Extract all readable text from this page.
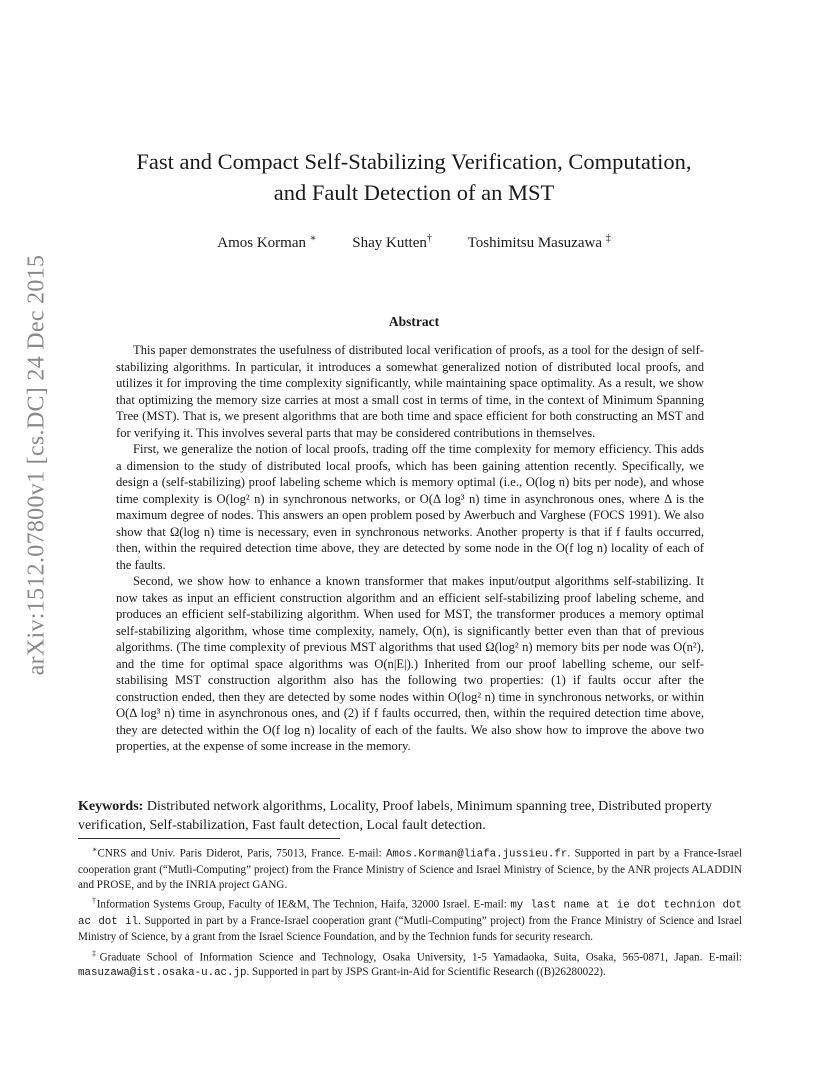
arXiv:1512.07800v1 [cs.DC] 24 Dec 2015
Fast and Compact Self-Stabilizing Verification, Computation,
and Fault Detection of an MST
Amos Korman ∗ Shay Kutten† Toshimitsu Masuzawa ‡
Abstract

This paper demonstrates the usefulness of distributed local verification of proofs, as a tool for the design of self-stabilizing algorithms. In particular, it introduces a somewhat generalized notion of distributed local proofs, and utilizes it for improving the time complexity significantly, while maintaining space optimality. As a result, we show that optimizing the memory size carries at most a small cost in terms of time, in the context of Minimum Spanning Tree (MST). That is, we present algorithms that are both time and space efficient for both constructing an MST and for verifying it. This involves several parts that may be considered contributions in themselves.

First, we generalize the notion of local proofs, trading off the time complexity for memory efficiency. This adds a dimension to the study of distributed local proofs, which has been gaining attention recently. Specifically, we design a (self-stabilizing) proof labeling scheme which is memory optimal (i.e., O(log n) bits per node), and whose time complexity is O(log² n) in synchronous networks, or O(Δ log³ n) time in asynchronous ones, where Δ is the maximum degree of nodes. This answers an open problem posed by Awerbuch and Varghese (FOCS 1991). We also show that Ω(log n) time is necessary, even in synchronous networks. Another property is that if f faults occurred, then, within the required detection time above, they are detected by some node in the O(f log n) locality of each of the faults.

Second, we show how to enhance a known transformer that makes input/output algorithms self-stabilizing. It now takes as input an efficient construction algorithm and an efficient self-stabilizing proof labeling scheme, and produces an efficient self-stabilizing algorithm. When used for MST, the transformer produces a memory optimal self-stabilizing algorithm, whose time complexity, namely, O(n), is significantly better even than that of previous algorithms. (The time complexity of previous MST algorithms that used Ω(log² n) memory bits per node was O(n²), and the time for optimal space algorithms was O(n|E|).) Inherited from our proof labelling scheme, our self-stabilising MST construction algorithm also has the following two properties: (1) if faults occur after the construction ended, then they are detected by some nodes within O(log² n) time in synchronous networks, or within O(Δ log³ n) time in asynchronous ones, and (2) if f faults occurred, then, within the required detection time above, they are detected within the O(f log n) locality of each of the faults. We also show how to improve the above two properties, at the expense of some increase in the memory.

Keywords: Distributed network algorithms, Locality, Proof labels, Minimum spanning tree, Distributed property verification, Self-stabilization, Fast fault detection, Local fault detection.

∗CNRS and Univ. Paris Diderot, Paris, 75013, France. E-mail: Amos.Korman@liafa.jussieu.fr. Supported in part by a France-Israel cooperation grant (“Mutli-Computing” project) from the France Ministry of Science and Israel Ministry of Science, by the ANR projects ALADDIN and PROSE, and by the INRIA project GANG.

†Information Systems Group, Faculty of IE&M, The Technion, Haifa, 32000 Israel. E-mail: my last name at ie dot technion dot ac dot il. Supported in part by a France-Israel cooperation grant (“Mutli-Computing” project) from the France Ministry of Science and Israel Ministry of Science, by a grant from the Israel Science Foundation, and by the Technion funds for security research.

‡Graduate School of Information Science and Technology, Osaka University, 1-5 Yamadaoka, Suita, Osaka, 565-0871, Japan. E-mail: masuzawa@ist.osaka-u.ac.jp. Supported in part by JSPS Grant-in-Aid for Scientific Research ((B)26280022).
